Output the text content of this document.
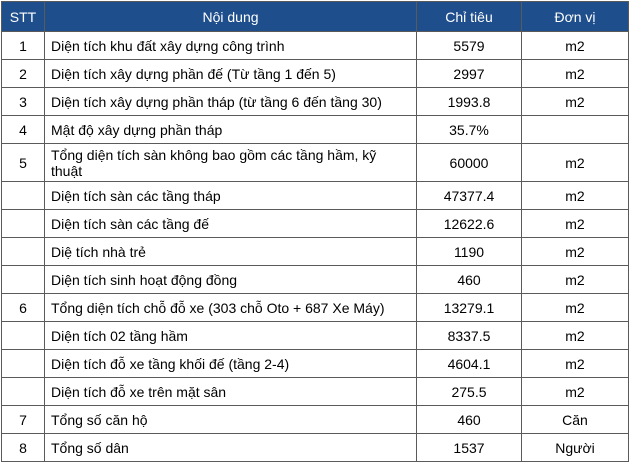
STT	Nội dung	Chỉ tiêu	Đơn vị
1	Diện tích khu đất xây dựng công trình	5579	m2
2	Diện tích xây dựng phần đế (Từ tầng 1 đến 5)	2997	m2
3	Diện tích xây dựng phần tháp (từ tầng 6 đến tầng 30)	1993.8	m2
4	Mật độ xây dựng phần tháp	35.7%	
5	Tổng diện tích sàn không bao gồm các tầng hầm, kỹ thuật	60000	m2
	Diện tích sàn các tầng tháp	47377.4	m2
	Diện tích sàn các tầng đế	12622.6	m2
	Diệ tích nhà trẻ	1190	m2
	Diện tích sinh hoạt động đồng	460	m2
6	Tổng diện tích chỗ đỗ xe (303 chỗ Oto + 687 Xe Máy)	13279.1	m2
	Diện tích 02 tầng hầm	8337.5	m2
	Diện tích đỗ xe tầng khối đế (tầng 2-4)	4604.1	m2
	Diện tích đỗ xe trên mặt sân	275.5	m2
7	Tổng số căn hộ	460	Căn
8	Tổng số dân	1537	Người
